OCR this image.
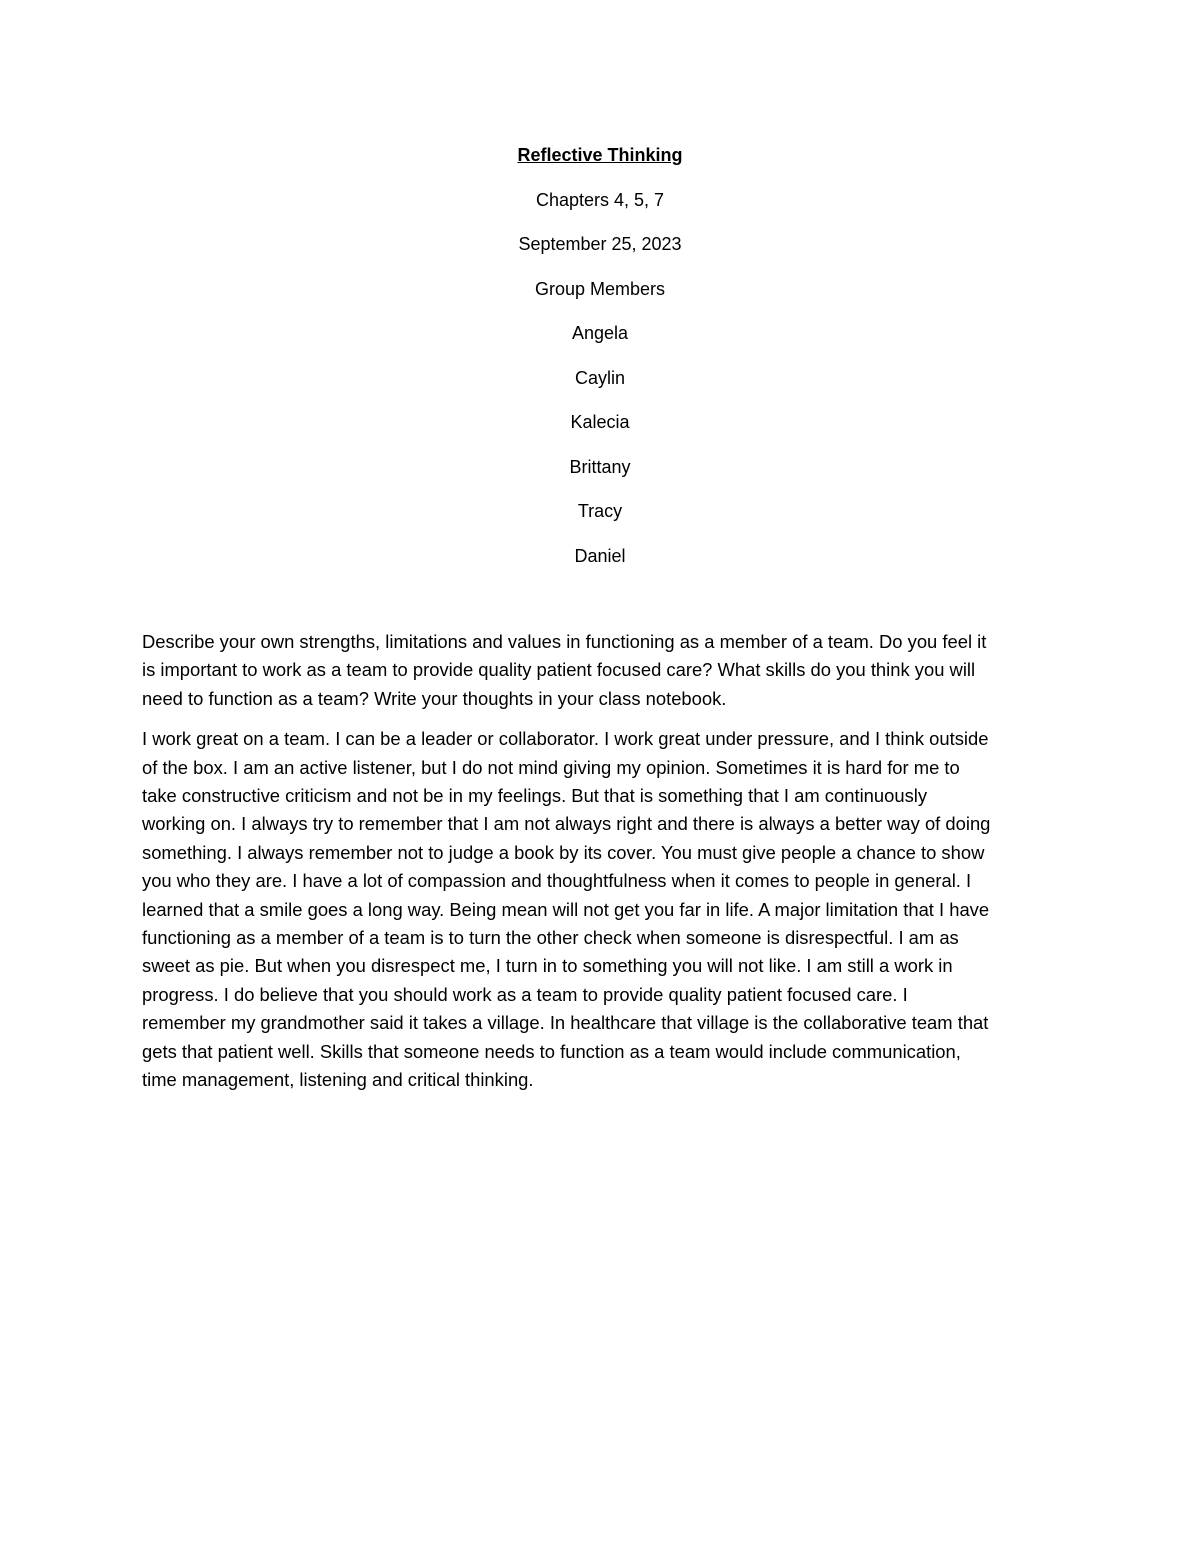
Reflective Thinking
Chapters 4, 5, 7
September 25, 2023
Group Members
Angela
Caylin
Kalecia
Brittany
Tracy
Daniel

Describe your own strengths, limitations and values in functioning as a member of a team. Do you feel it
is important to work as a team to provide quality patient focused care? What skills do you think you will
need to function as a team? Write your thoughts in your class notebook.

I work great on a team. I can be a leader or collaborator. I work great under pressure, and I think outside
of the box. I am an active listener, but I do not mind giving my opinion. Sometimes it is hard for me to
take constructive criticism and not be in my feelings. But that is something that I am continuously
working on. I always try to remember that I am not always right and there is always a better way of doing
something. I always remember not to judge a book by its cover. You must give people a chance to show
you who they are. I have a lot of compassion and thoughtfulness when it comes to people in general. I
learned that a smile goes a long way. Being mean will not get you far in life. A major limitation that I have
functioning as a member of a team is to turn the other check when someone is disrespectful. I am as
sweet as pie. But when you disrespect me, I turn in to something you will not like. I am still a work in
progress. I do believe that you should work as a team to provide quality patient focused care. I
remember my grandmother said it takes a village. In healthcare that village is the collaborative team that
gets that patient well. Skills that someone needs to function as a team would include communication,
time management, listening and critical thinking.
